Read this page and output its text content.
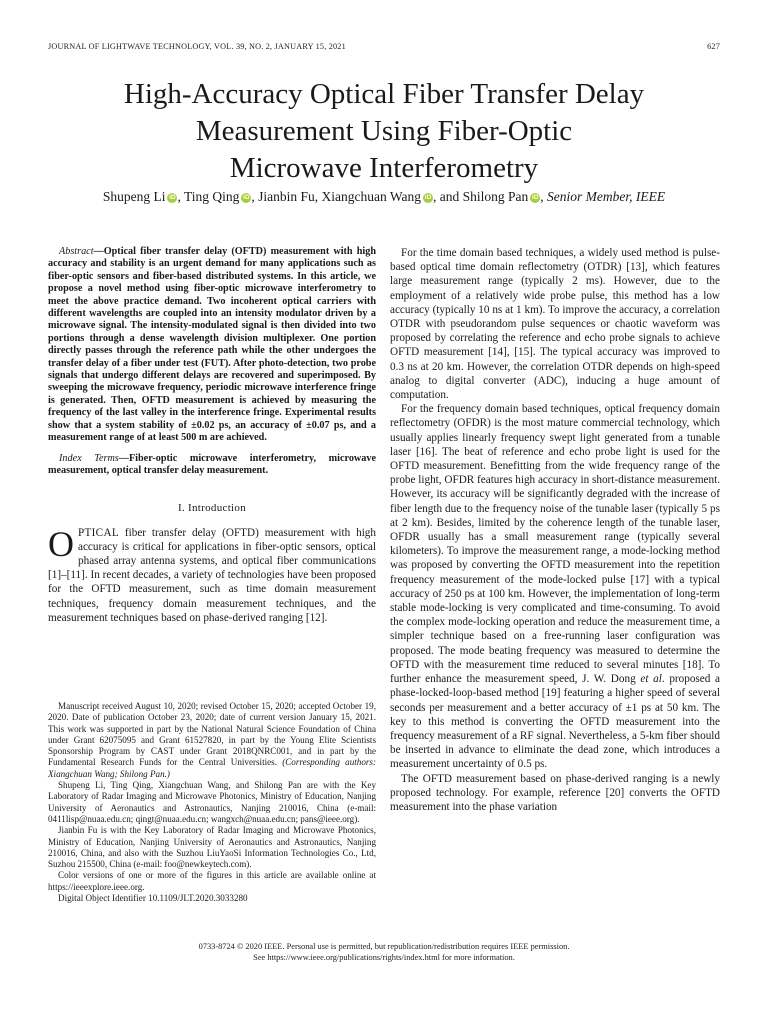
JOURNAL OF LIGHTWAVE TECHNOLOGY, VOL. 39, NO. 2, JANUARY 15, 2021	627
High-Accuracy Optical Fiber Transfer Delay
Measurement Using Fiber-Optic
Microwave Interferometry
Shupeng Li iD , Ting Qing iD , Jianbin Fu, Xiangchuan Wang iD , and Shilong Pan iD , Senior Member, IEEE

Abstract—Optical fiber transfer delay (OFTD) measurement with high accuracy and stability is an urgent demand for many applications such as fiber-optic sensors and fiber-based distributed systems. In this article, we propose a novel method using fiber-optic microwave interferometry to meet the above practice demand. Two incoherent optical carriers with different wavelengths are coupled into an intensity modulator driven by a microwave signal. The intensity-modulated signal is then divided into two portions through a dense wavelength division multiplexer. One portion directly passes through the reference path while the other undergoes the transfer delay of a fiber under test (FUT). After photo-detection, two probe signals that undergo different delays are recovered and superimposed. By sweeping the microwave frequency, periodic microwave interference fringe is generated. Then, OFTD measurement is achieved by measuring the frequency of the last valley in the interference fringe. Experimental results show that a system stability of ±0.02 ps, an accuracy of ±0.07 ps, and a measurement range of at least 500 m are achieved.

Index Terms—Fiber-optic microwave interferometry, microwave measurement, optical transfer delay measurement.

I. Introduction

OPTICAL fiber transfer delay (OFTD) measurement with high accuracy is critical for applications in fiber-optic sensors, optical phased array antenna systems, and optical fiber communications [1]–[11]. In recent decades, a variety of technologies have been proposed for the OFTD measurement, such as time domain measurement techniques, frequency domain measurement techniques, and the measurement techniques based on phase-derived ranging [12].

Manuscript received August 10, 2020; revised October 15, 2020; accepted October 19, 2020. Date of publication October 23, 2020; date of current version January 15, 2021. This work was supported in part by the National Natural Science Foundation of China under Grant 62075095 and Grant 61527820, in part by the Young Elite Scientists Sponsorship Program by CAST under Grant 2018QNRC001, and in part by the Fundamental Research Funds for the Central Universities. (Corresponding authors: Xiangchuan Wang; Shilong Pan.)

Shupeng Li, Ting Qing, Xiangchuan Wang, and Shilong Pan are with the Key Laboratory of Radar Imaging and Microwave Photonics, Ministry of Education, Nanjing University of Aeronautics and Astronautics, Nanjing 210016, China (e-mail: 0411lisp@nuaa.edu.cn; qingt@nuaa.edu.cn; wangxch@nuaa.edu.cn; pans@ieee.org).

Jianbin Fu is with the Key Laboratory of Radar Imaging and Microwave Photonics, Ministry of Education, Nanjing University of Aeronautics and Astronautics, Nanjing 210016, China, and also with the Suzhou LiuYaoSi Information Technologies Co., Ltd, Suzhou 215500, China (e-mail: foo@newkeytech.com).

Color versions of one or more of the figures in this article are available online at https://ieeexplore.ieee.org.

Digital Object Identifier 10.1109/JLT.2020.3033280

For the time domain based techniques, a widely used method is pulse-based optical time domain reflectometry (OTDR) [13], which features large measurement range (typically 2 ms). However, due to the employment of a relatively wide probe pulse, this method has a low accuracy (typically 10 ns at 1 km). To improve the accuracy, a correlation OTDR with pseudorandom pulse sequences or chaotic waveform was proposed by correlating the reference and echo probe signals to achieve OFTD measurement [14], [15]. The typical accuracy was improved to 0.3 ns at 20 km. However, the correlation OTDR depends on high-speed analog to digital converter (ADC), inducing a huge amount of computation.

For the frequency domain based techniques, optical frequency domain reflectometry (OFDR) is the most mature commercial technology, which usually applies linearly frequency swept light generated from a tunable laser [16]. The beat of reference and echo probe light is used for the OFTD measurement. Benefitting from the wide frequency range of the probe light, OFDR features high accuracy in short-distance measurement. However, its accuracy will be significantly degraded with the increase of fiber length due to the frequency noise of the tunable laser (typically 5 ps at 2 km). Besides, limited by the coherence length of the tunable laser, OFDR usually has a small measurement range (typically several kilometers). To improve the measurement range, a mode-locking method was proposed by converting the OFTD measurement into the repetition frequency measurement of the mode-locked pulse [17] with a typical accuracy of 250 ps at 100 km. However, the implementation of long-term stable mode-locking is very complicated and time-consuming. To avoid the complex mode-locking operation and reduce the measurement time, a simpler technique based on a free-running laser configuration was proposed. The mode beating frequency was measured to determine the OFTD with the measurement time reduced to several minutes [18]. To further enhance the measurement speed, J. W. Dong et al. proposed a phase-locked-loop-based method [19] featuring a higher speed of several seconds per measurement and a better accuracy of ±1 ps at 50 km. The key to this method is converting the OFTD measurement into the frequency measurement of a RF signal. Nevertheless, a 5-km fiber should be inserted in advance to eliminate the dead zone, which introduces a measurement uncertainty of 0.5 ps.

The OFTD measurement based on phase-derived ranging is a newly proposed technology. For example, reference [20] converts the OFTD measurement into the phase variation

0733-8724 © 2020 IEEE. Personal use is permitted, but republication/redistribution requires IEEE permission.
See https://www.ieee.org/publications/rights/index.html for more information.
